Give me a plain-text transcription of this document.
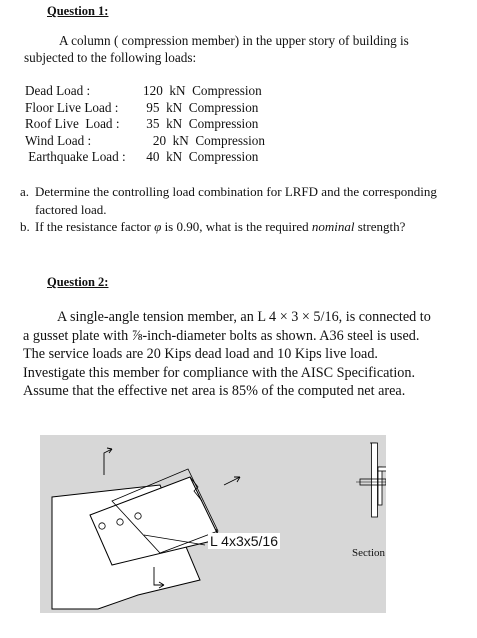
Question 1:
A column ( compression member) in the upper story of building is
subjected to the following loads:
Dead Load :	120  kN  Compression
Floor Live Load :	95  kN  Compression
Roof Live  Load :	35  kN  Compression
Wind Load :	20  kN  Compression
Earthquake Load :	40  kN  Compression
a. Determine the controlling load combination for LRFD and the corresponding
factored load.
b. If the resistance factor φ is 0.90, what is the required nominal strength?
Question 2:
A single-angle tension member, an L 4 × 3 × 5/16, is connected to
a gusset plate with ⅞-inch-diameter bolts as shown. A36 steel is used.
The service loads are 20 Kips dead load and 10 Kips live load.
Investigate this member for compliance with the AISC Specification.
Assume that the effective net area is 85% of the computed net area.
L 4x3x5/16
Section
